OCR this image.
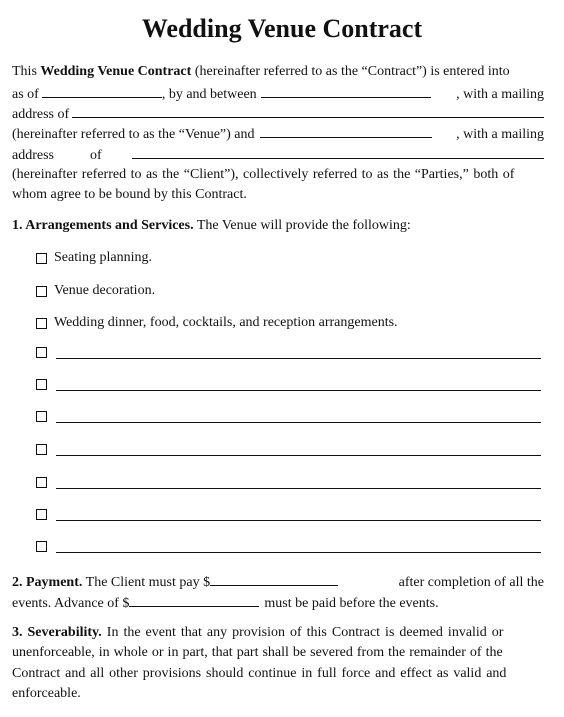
Wedding Venue Contract
This Wedding Venue Contract (hereinafter referred to as the “Contract”) is entered into
as of	, by and between	, with a mailing
address of
(hereinafter referred to as the “Venue”) and	, with a mailing
address	of
(hereinafter referred to as the “Client”), collectively referred to as the “Parties,” both of
whom agree to be bound by this Contract.
1. Arrangements and Services. The Venue will provide the following:
Seating planning.
Venue decoration.
Wedding dinner, food, cocktails, and reception arrangements.
2. Payment. The Client must pay $	after completion of all the
events. Advance of $	must be paid before the events.
3. Severability. In the event that any provision of this Contract is deemed invalid or
unenforceable, in whole or in part, that part shall be severed from the remainder of the
Contract and all other provisions should continue in full force and effect as valid and
enforceable.
